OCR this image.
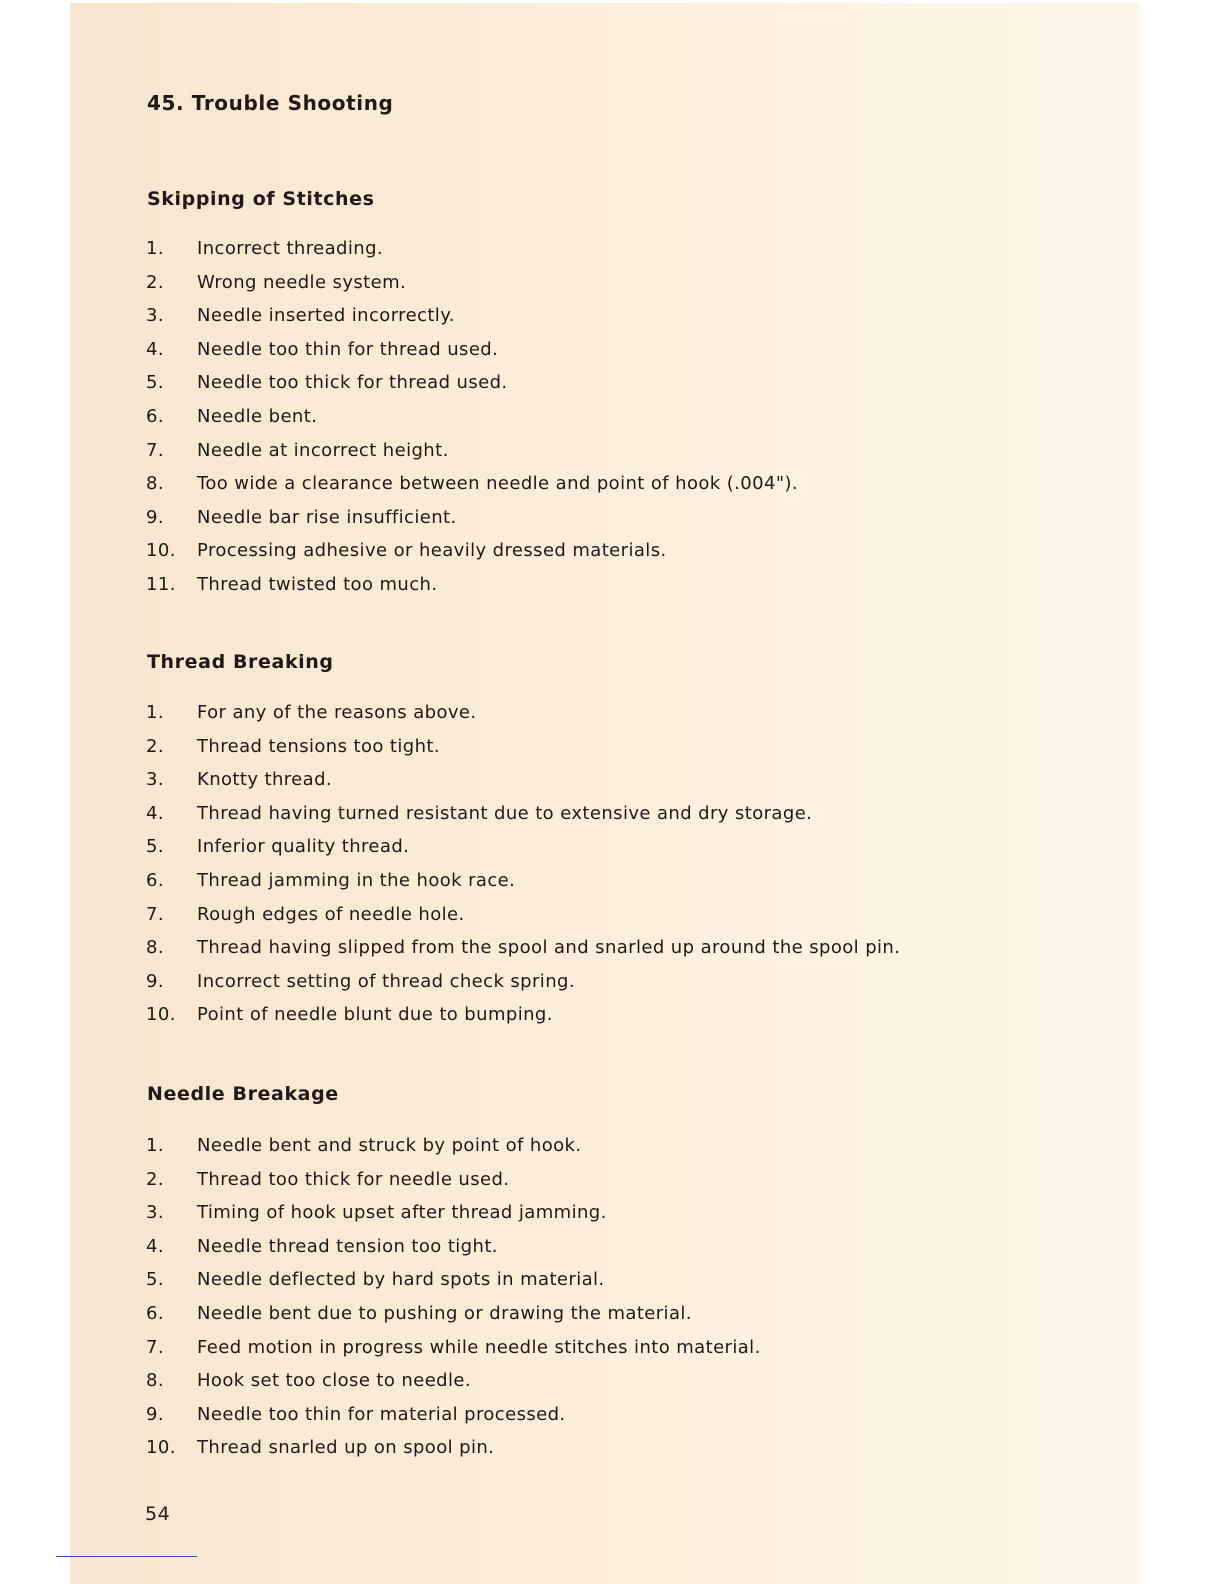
45. Trouble Shooting
Skipping of Stitches
1. Incorrect threading.
2. Wrong needle system.
3. Needle inserted incorrectly.
4. Needle too thin for thread used.
5. Needle too thick for thread used.
6. Needle bent.
7. Needle at incorrect height.
8. Too wide a clearance between needle and point of hook (.004").
9. Needle bar rise insufficient.
10. Processing adhesive or heavily dressed materials.
11. Thread twisted too much.
Thread Breaking
1. For any of the reasons above.
2. Thread tensions too tight.
3. Knotty thread.
4. Thread having turned resistant due to extensive and dry storage.
5. Inferior quality thread.
6. Thread jamming in the hook race.
7. Rough edges of needle hole.
8. Thread having slipped from the spool and snarled up around the spool pin.
9. Incorrect setting of thread check spring.
10. Point of needle blunt due to bumping.
Needle Breakage
1. Needle bent and struck by point of hook.
2. Thread too thick for needle used.
3. Timing of hook upset after thread jamming.
4. Needle thread tension too tight.
5. Needle deflected by hard spots in material.
6. Needle bent due to pushing or drawing the material.
7. Feed motion in progress while needle stitches into material.
8. Hook set too close to needle.
9. Needle too thin for material processed.
10. Thread snarled up on spool pin.
54
